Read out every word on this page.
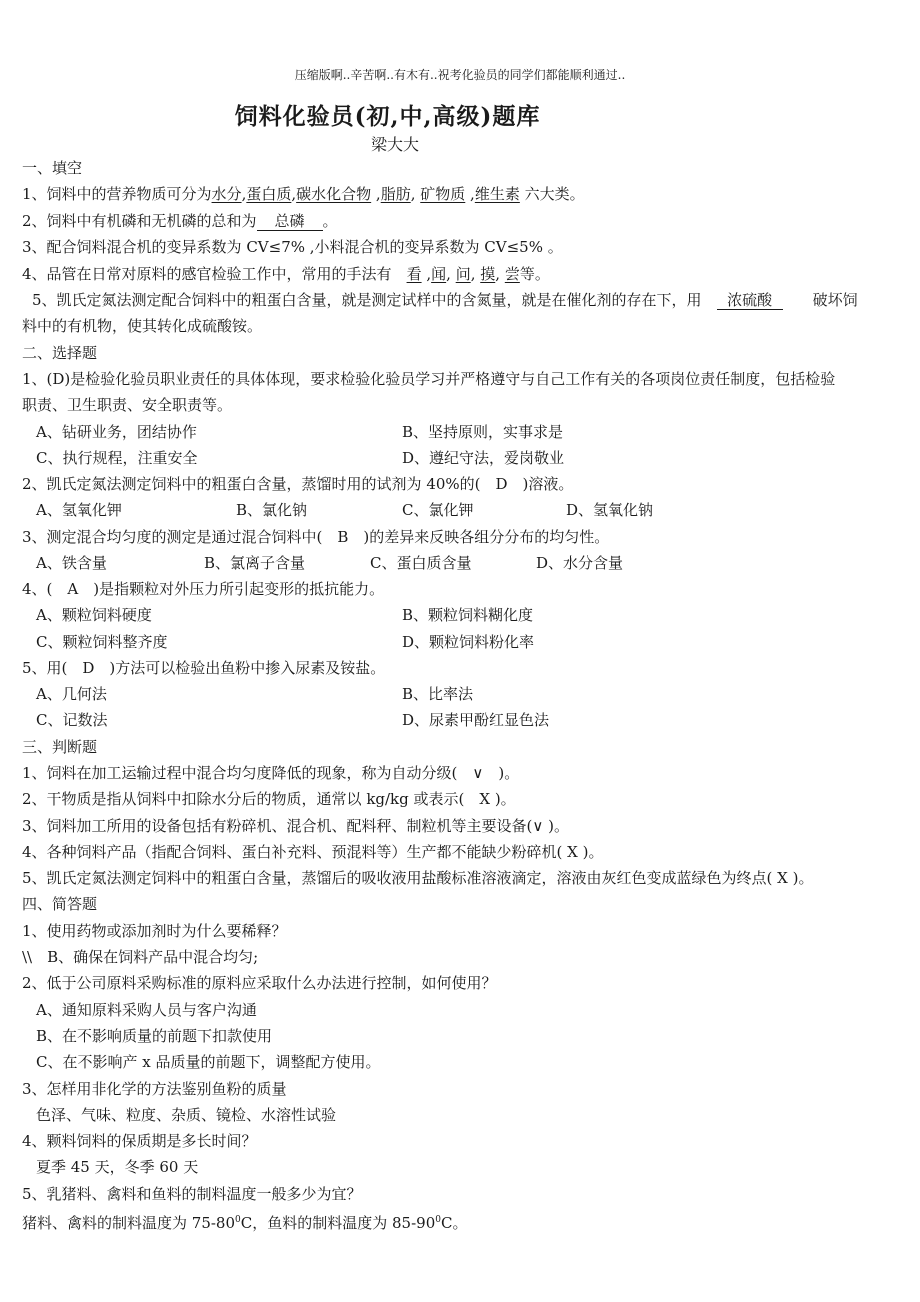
压缩版啊..辛苦啊..有木有..祝考化验员的同学们都能顺利通过..
饲料化验员(初,中,高级)题库
梁大大
一、填空
1、饲料中的营养物质可分为水分,蛋白质,碳水化合物 ,脂肪, 矿物质 ,维生素 六大类。
2、饲料中有机磷和无机磷的总和为 总磷 。
3、配合饲料混合机的变异系数为 CV≤7% ,小料混合机的变异系数为 CV≤5% 。
4、品管在日常对原料的感官检验工作中，常用的手法有　 看 ,闻, 问, 摸, 尝等。
5、凯氏定氮法测定配合饲料中的粗蛋白含量，就是测定试样中的含氮量，就是在催化剂的存在下，用　 浓硫酸　　	破坏饲
料中的有机物，使其转化成硫酸铵。
二、选择题
1、(D)是检验化验员职业责任的具体体现，要求检验化验员学习并严格遵守与自己工作有关的各项岗位责任制度，包括检验
职责、卫生职责、安全职责等。
A、钻研业务，团结协作	B、坚持原则，实事求是
C、执行规程，注重安全	D、遵纪守法，爱岗敬业
2、凯氏定氮法测定饲料中的粗蛋白含量，蒸馏时用的试剂为 40%的(　D　)溶液。
A、氢氧化钾	B、氯化钠	C、氯化钾	D、氢氧化钠
3、测定混合均匀度的测定是通过混合饲料中(　B　)的差异来反映各组分分布的均匀性。
A、铁含量	B、氯离子含量	C、蛋白质含量	D、水分含量
4、(　A　)是指颗粒对外压力所引起变形的抵抗能力。
A、颗粒饲料硬度	B、颗粒饲料糊化度
C、颗粒饲料整齐度	D、颗粒饲料粉化率
5、用(　D　)方法可以检验出鱼粉中掺入尿素及铵盐。
A、几何法	B、比率法
C、记数法	D、尿素甲酚红显色法
三、判断题
1、饲料在加工运输过程中混合均匀度降低的现象，称为自动分级(　∨　)。
2、干物质是指从饲料中扣除水分后的物质，通常以 kg/kg 或表示(　X )。
3、饲料加工所用的设备包括有粉碎机、混合机、配料秤、制粒机等主要设备(∨ )。
4、各种饲料产品（指配合饲料、蛋白补充料、预混料等）生产都不能缺少粉碎机( X )。
5、凯氏定氮法测定饲料中的粗蛋白含量，蒸馏后的吸收液用盐酸标准溶液滴定，溶液由灰红色变成蓝绿色为终点( X )。
四、简答题
1、使用药物或添加剂时为什么要稀释？
\\　B、确保在饲料产品中混合均匀;
2、低于公司原料采购标准的原料应采取什么办法进行控制，如何使用？
A、通知原料采购人员与客户沟通
B、在不影响质量的前题下扣款使用
C、在不影响产 x 品质量的前题下，调整配方使用。
3、怎样用非化学的方法鉴别鱼粉的质量
色泽、气味、粒度、杂质、镜检、水溶性试验
4、颗料饲料的保质期是多长时间？
夏季 45 天，冬季 60 天
5、乳猪料、禽料和鱼料的制料温度一般多少为宜？
猪料、禽料的制料温度为 $75-80^0C$，鱼料的制料温度为 $85-90^0C$。
